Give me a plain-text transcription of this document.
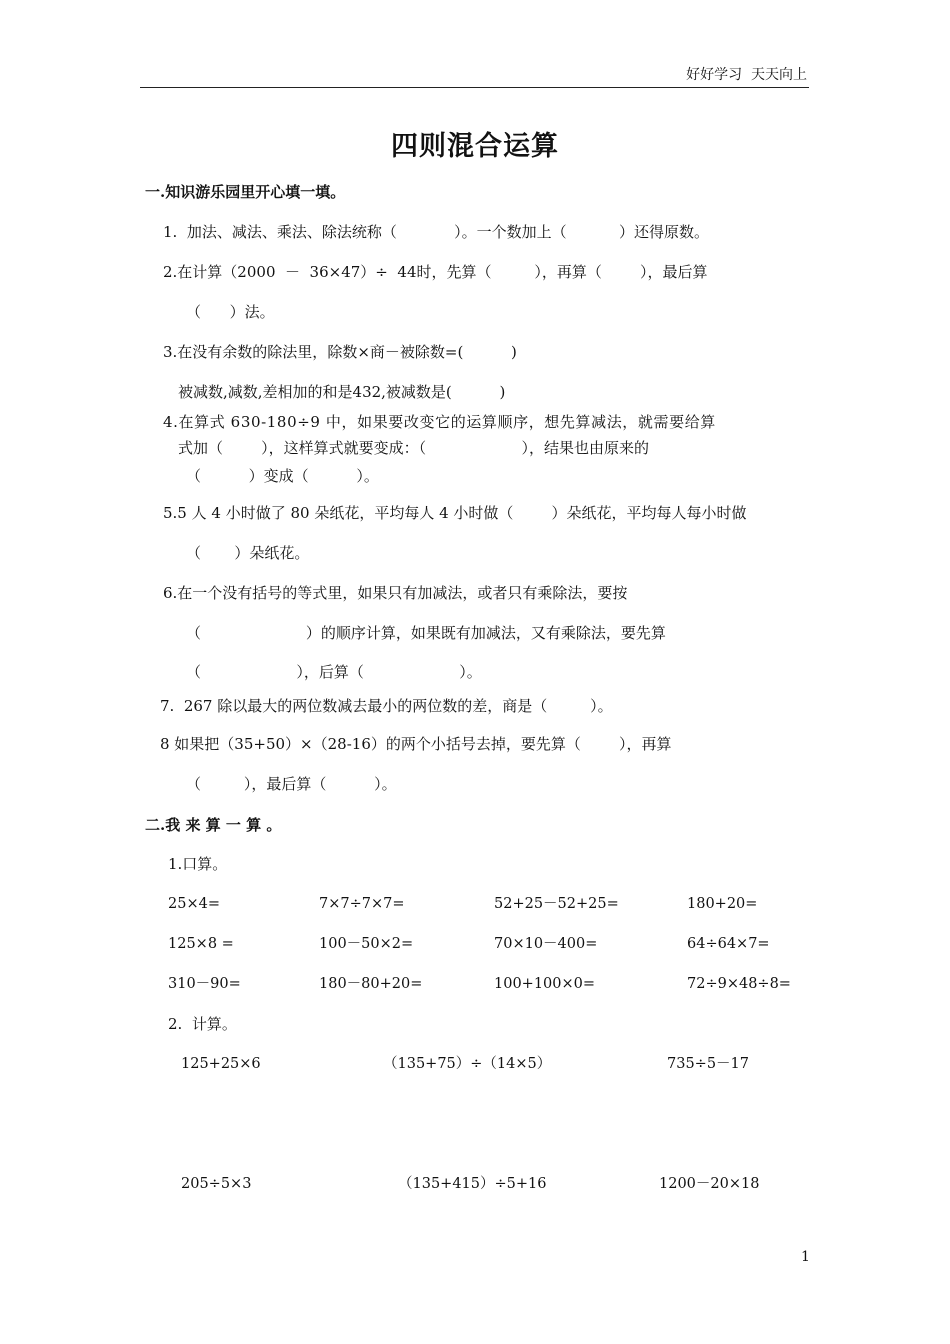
好好学习  天天向上
四则混合运算
一.知识游乐园里开心填一填。
1.  加法、减法、乘法、除法统称（            ）。一个数加上（           ）还得原数。
2.在计算（2000  －  36×47）÷  44时，先算（         ），再算（        ），最后算
（      ）法。
3.在没有余数的除法里，除数×商－被除数=(          )
被减数,减数,差相加的和是432,被减数是(          )
4.在算式 630-180÷9 中，如果要改变它的运算顺序，想先算减法，就需要给算
式加（        ），这样算式就要变成：（                    ），结果也由原来的
（          ）变成（          ）。
5.5 人 4 小时做了 80 朵纸花，平均每人 4 小时做（        ）朵纸花，平均每人每小时做
（       ）朵纸花。
6.在一个没有括号的等式里，如果只有加减法，或者只有乘除法，要按
（                      ）的顺序计算，如果既有加减法，又有乘除法，要先算
（                    ），后算（                    ）。
7.  267 除以最大的两位数减去最小的两位数的差，商是（         ）。
8 如果把（35+50）×（28-16）的两个小括号去掉，要先算（        ），再算
（         ），最后算（          ）。
二.我 来 算 一 算 。
1.口算。
25×4=	7×7÷7×7=	52+25－52+25=	180+20=
125×8 =	100－50×2=	70×10－400=	64÷64×7=
310－90=	180－80+20=	100+100×0=	72÷9×48÷8=
2.  计算。
125+25×6	（135+75）÷（14×5）	735÷5－17
205÷5×3	（135+415）÷5+16	1200－20×18
1
